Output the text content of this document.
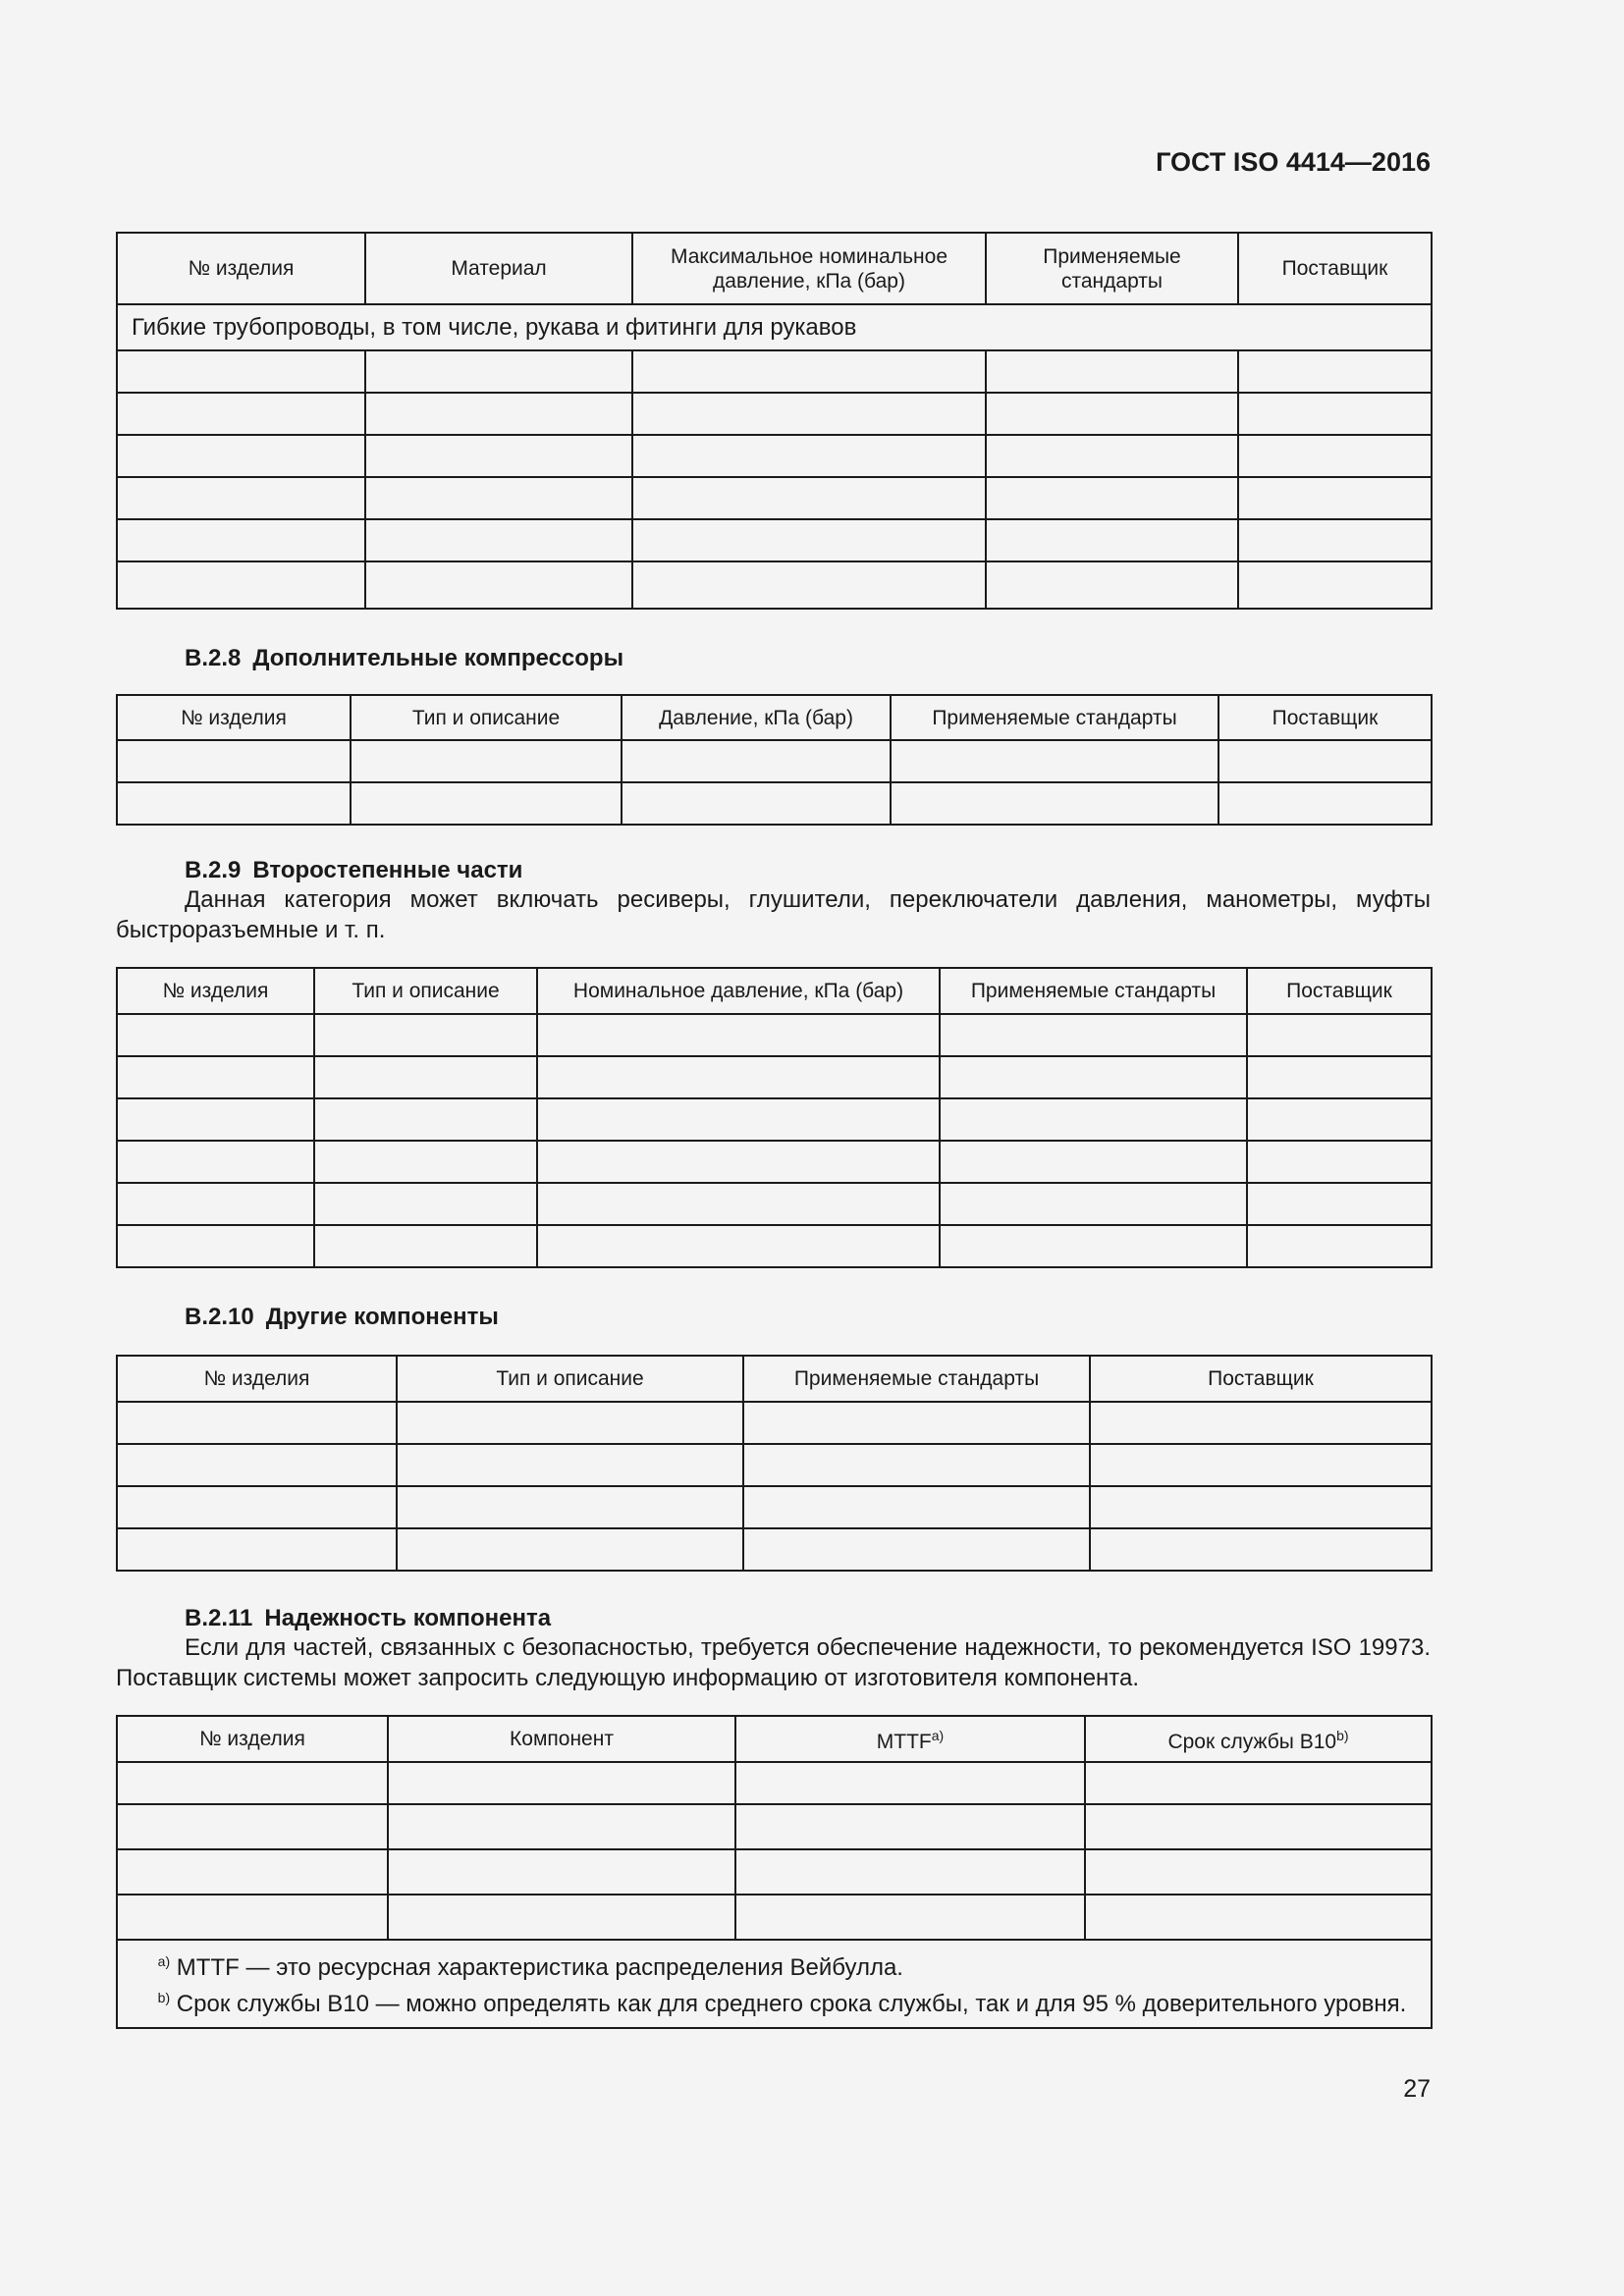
ГОСТ ISO 4414—2016
№ изделия	Материал	Максимальное номинальное давление, кПа (бар)	Применяемые стандарты	Поставщик
Гибкие трубопроводы, в том числе, рукава и фитинги для рукавов				

В.2.8 Дополнительные компрессоры
№ изделия	Тип и описание	Давление, кПа (бар)	Применяемые стандарты	Поставщик

В.2.9 Второстепенные части
Данная категория может включать ресиверы, глушители, переключатели давления, манометры, муфты быстроразъемные и т. п.
№ изделия	Тип и описание	Номинальное давление, кПа (бар)	Применяемые стандарты	Поставщик

В.2.10 Другие компоненты
№ изделия	Тип и описание	Применяемые стандарты	Поставщик

В.2.11 Надежность компонента
Если для частей, связанных с безопасностью, требуется обеспечение надежности, то рекомендуется ISO 19973. Поставщик системы может запросить следующую информацию от изготовителя компонента.
№ изделия	Компонент	$MTTF^{а)}$	Срок службы B10$^{b)}$

$^{а)}$ MTTF — это ресурсная характеристика распределения Вейбулла.
$^{b)}$ Срок службы B10 — можно определять как для среднего срока службы, так и для 95 % доверительного уровня.			
27
